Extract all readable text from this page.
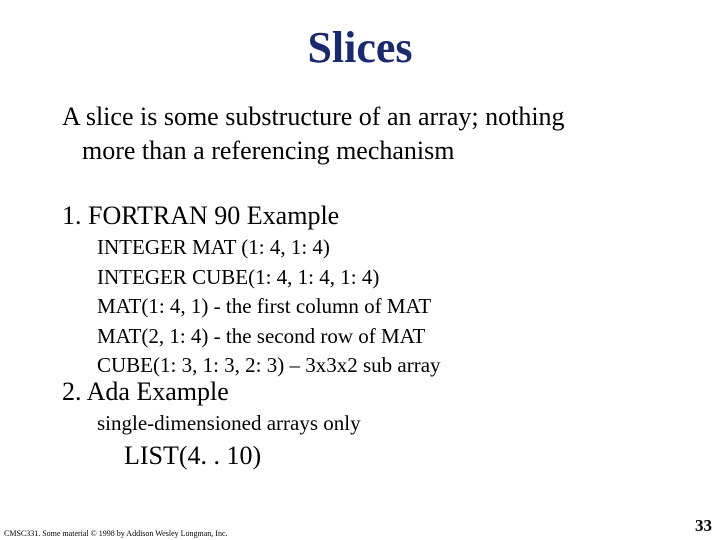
Slices
A slice is some substructure of an array; nothing
more than a referencing mechanism
1. FORTRAN 90 Example
INTEGER MAT (1: 4, 1: 4)
INTEGER CUBE(1: 4, 1: 4, 1: 4)
MAT(1: 4, 1) - the first column of MAT
MAT(2, 1: 4) - the second row of MAT
CUBE(1: 3, 1: 3, 2: 3) – 3x3x2 sub array
2. Ada Example
single-dimensioned arrays only
LIST(4. . 10)
CMSC331. Some material © 1998 by Addison Wesley Longman, Inc.	33
